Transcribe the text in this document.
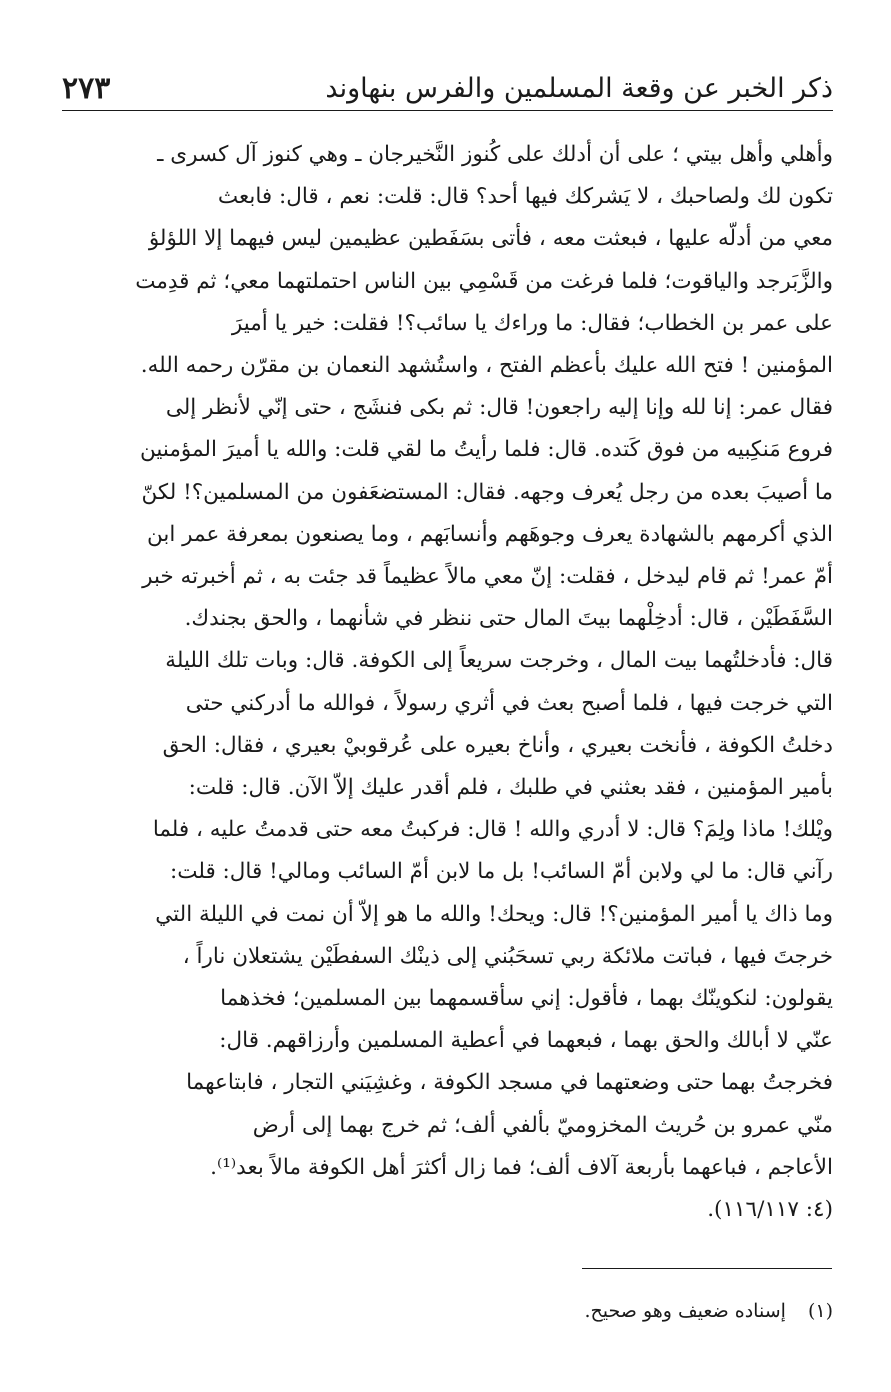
ذكر الخبر عن وقعة المسلمين والفرس بنهاوند
٢٧٣
وأهلي وأهل بيتي ؛ على أن أدلك على كُنوز النَّخيرجان ـ وهي كنوز آل كسرى ـ
تكون لك ولصاحبك ، لا يَشركك فيها أحد؟ قال: قلت: نعم ، قال: فابعث
معي من أدلّه عليها ، فبعثت معه ، فأتى بسَفَطين عظيمين ليس فيهما إلا اللؤلؤ
والزَّبَرجد والياقوت؛ فلما فرغت من قَسْمِي بين الناس احتملتهما معي؛ ثم قدِمت
على عمر بن الخطاب؛ فقال: ما وراءك يا سائب؟! فقلت: خير يا أميرَ
المؤمنين ! فتح الله عليك بأعظم الفتح ، واستُشهد النعمان بن مقرّن رحمه الله.
فقال عمر: إنا لله وإنا إليه راجعون! قال: ثم بكى فنشَج ، حتى إنّي لأنظر إلى
فروع مَنكِبيه من فوق كَتده. قال: فلما رأيتُ ما لقي قلت: والله يا أميرَ المؤمنين
ما أصيبَ بعده من رجل يُعرف وجهه. فقال: المستضعَفون من المسلمين؟! لكنّ
الذي أكرمهم بالشهادة يعرف وجوهَهم وأنسابَهم ، وما يصنعون بمعرفة عمر ابن
أمّ عمر! ثم قام ليدخل ، فقلت: إنّ معي مالاً عظيماً قد جئت به ، ثم أخبرته خبر
السَّفَطَيْن ، قال: أدخِلْهما بيتَ المال حتى ننظر في شأنهما ، والحق بجندك.
قال: فأدخلتُهما بيت المال ، وخرجت سريعاً إلى الكوفة. قال: وبات تلك الليلة
التي خرجت فيها ، فلما أصبح بعث في أثري رسولاً ، فوالله ما أدركني حتى
دخلتُ الكوفة ، فأنخت بعيري ، وأناخ بعيره على عُرقوبيْ بعيري ، فقال: الحق
بأمير المؤمنين ، فقد بعثني في طلبك ، فلم أقدر عليك إلاّ الآن. قال: قلت:
ويْلك! ماذا ولِمَ؟ قال: لا أدري والله ! قال: فركبتُ معه حتى قدمتُ عليه ، فلما
رآني قال: ما لي ولابن أمّ السائب! بل ما لابن أمّ السائب ومالي! قال: قلت:
وما ذاك يا أمير المؤمنين؟! قال: ويحك! والله ما هو إلاّ أن نمت في الليلة التي
خرجتَ فيها ، فباتت ملائكة ربي تسحَبُني إلى ذينْك السفطَيْن يشتعلان ناراً ،
يقولون: لنكوينّك بهما ، فأقول: إني سأقسمهما بين المسلمين؛ فخذهما
عنّي لا أبالك والحق بهما ، فبعهما في أعطية المسلمين وأرزاقهم. قال:
فخرجتُ بهما حتى وضعتهما في مسجد الكوفة ، وغشِيَني التجار ، فابتاعهما
منّي عمرو بن حُريث المخزوميّ بألفي ألف؛ ثم خرج بهما إلى أرض
الأعاجم ، فباعهما بأربعة آلاف ألف؛ فما زال أكثرَ أهل الكوفة مالاً بعد⁽¹⁾.
(٤: ١١٦/١١٧).
(١) إسناده ضعيف وهو صحيح.
